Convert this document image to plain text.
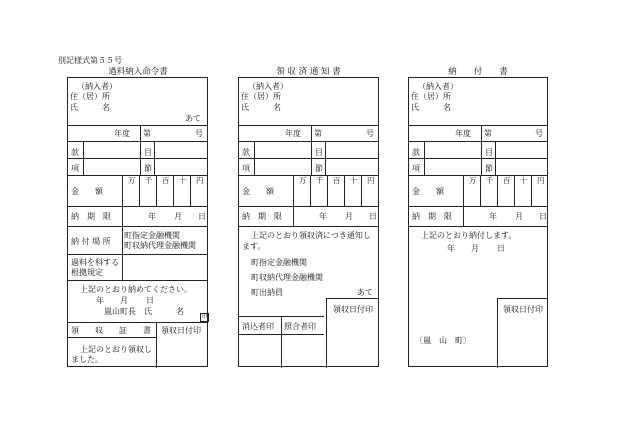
別記様式第５５号
過料納入命令書
（納入者）
住（居）所
氏　　　名
あて
年度 第	号
款	目
項	節
金　　額
万 千 百 十 円
納　期　限	年 月 日
納 付 場 所
町指定金融機関
町収納代理金融機関
過料を科する
根拠規定
上記のとおり納めてください。
年 月 日
嵐山町長　氏　　　名
印
領　　収　　証　　書 領収日付印
上記のとおり領収し
ました。
領 収 済 通 知 書
（納入者）
住（居）所
氏　　　名
年度 第	号
款	目
項	節
金　　額
万 千 百 十 円
納　期　限	年 月 日
上記のとおり領収済につき通知し
ます。
町指定金融機関
町収納代理金融機関
町出納員	あて
領収日付印
消込者印 照合者印
納　　付　　書
（納入者）
住（居）所
氏　　　名
年度 第	号
款	目
項	節
金　　額
万 千 百 十 円
納　期　限	年 月 日
上記のとおり納付します。
年 月 日
領収日付印
〔嵐　山　町〕
